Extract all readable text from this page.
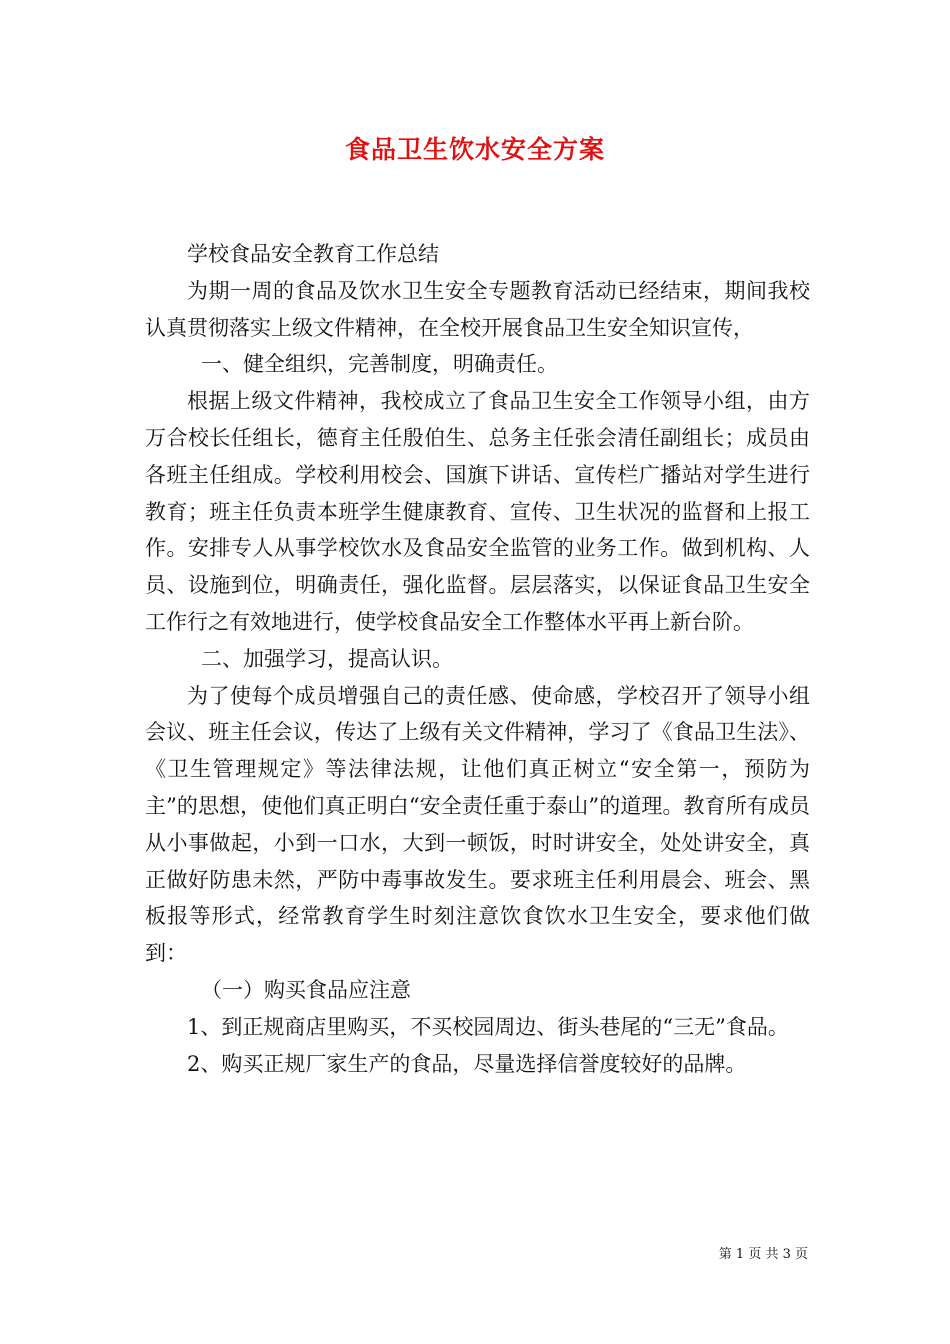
食品卫生饮水安全方案

学校食品安全教育工作总结

为期一周的食品及饮水卫生安全专题教育活动已经结束，期间我校认真贯彻落实上级文件精神，在全校开展食品卫生安全知识宣传，

一、健全组织，完善制度，明确责任。

根据上级文件精神，我校成立了食品卫生安全工作领导小组，由方万合校长任组长，德育主任殷伯生、总务主任张会清任副组长；成员由各班主任组成。学校利用校会、国旗下讲话、宣传栏广播站对学生进行教育；班主任负责本班学生健康教育、宣传、卫生状况的监督和上报工作。安排专人从事学校饮水及食品安全监管的业务工作。做到机构、人员、设施到位，明确责任，强化监督。层层落实，以保证食品卫生安全工作行之有效地进行，使学校食品安全工作整体水平再上新台阶。

二、加强学习，提高认识。

为了使每个成员增强自己的责任感、使命感，学校召开了领导小组会议、班主任会议，传达了上级有关文件精神，学习了《食品卫生法》、《卫生管理规定》等法律法规，让他们真正树立“安全第一，预防为主”的思想，使他们真正明白“安全责任重于泰山”的道理。教育所有成员从小事做起，小到一口水，大到一顿饭，时时讲安全，处处讲安全，真正做好防患未然，严防中毒事故发生。要求班主任利用晨会、班会、黑板报等形式，经常教育学生时刻注意饮食饮水卫生安全，要求他们做到：

（一）购买食品应注意

1、到正规商店里购买，不买校园周边、街头巷尾的“三无”食品。

2、购买正规厂家生产的食品，尽量选择信誉度较好的品牌。

第 1 页 共 3 页
